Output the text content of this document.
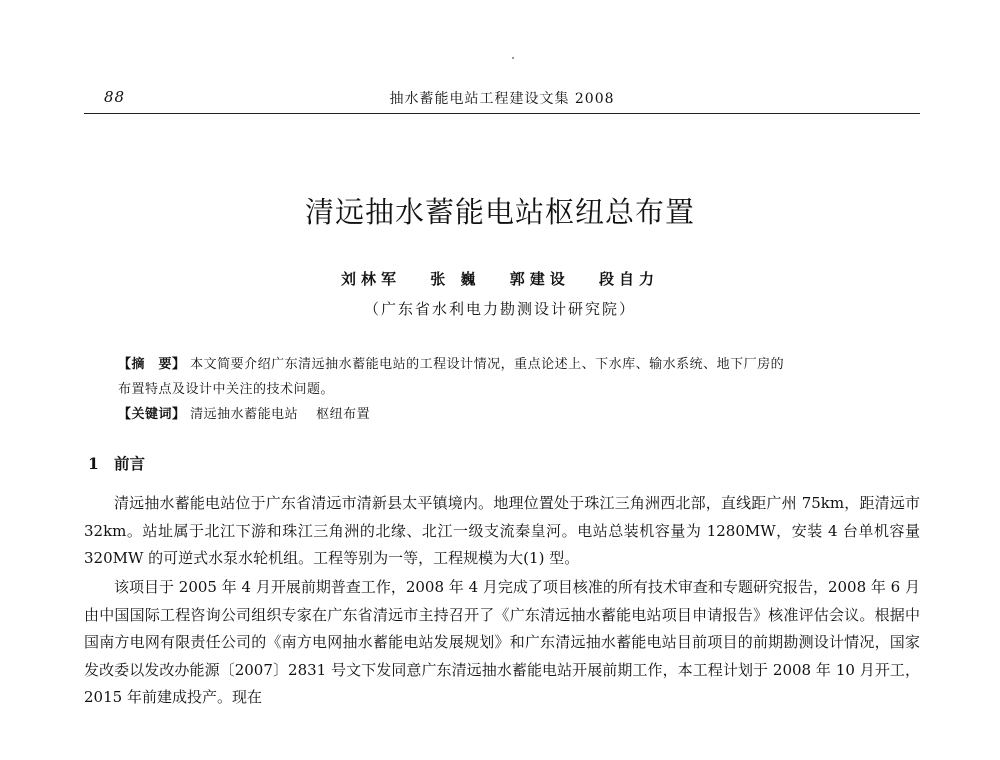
88	抽水蓄能电站工程建设文集 2008
清远抽水蓄能电站枢纽总布置
刘林军 张 巍 郭建设 段自力
（广东省水利电力勘测设计研究院）

【摘　要】 本文简要介绍广东清远抽水蓄能电站的工程设计情况，重点论述上、下水库、输水系统、地下厂房的

布置特点及设计中关注的技术问题。

【关键词】 清远抽水蓄能电站 枢纽布置

1 前言

清远抽水蓄能电站位于广东省清远市清新县太平镇境内。地理位置处于珠江三角洲西北部，直线距广州 75km，距清远市 32km。站址属于北江下游和珠江三角洲的北缘、北江一级支流秦皇河。电站总装机容量为 1280MW，安装 4 台单机容量 320MW 的可逆式水泵水轮机组。工程等别为一等，工程规模为大(1) 型。

该项目于 2005 年 4 月开展前期普查工作，2008 年 4 月完成了项目核准的所有技术审查和专题研究报告，2008 年 6 月由中国国际工程咨询公司组织专家在广东省清远市主持召开了《广东清远抽水蓄能电站项目申请报告》核准评估会议。根据中国南方电网有限责任公司的《南方电网抽水蓄能电站发展规划》和广东清远抽水蓄能电站目前项目的前期勘测设计情况，国家发改委以发改办能源〔2007〕2831 号文下发同意广东清远抽水蓄能电站开展前期工作，本工程计划于 2008 年 10 月开工，2015 年前建成投产。现在
